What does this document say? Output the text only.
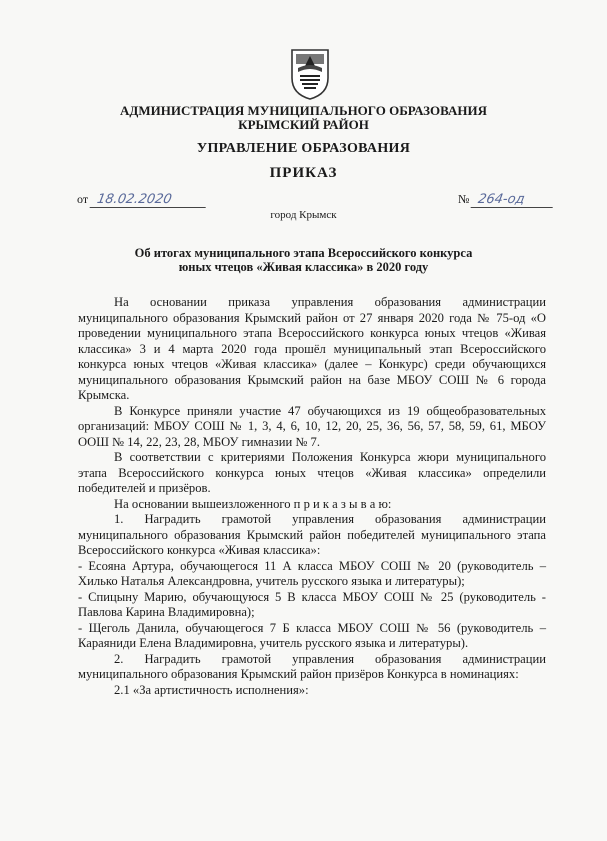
АДМИНИСТРАЦИЯ МУНИЦИПАЛЬНОГО ОБРАЗОВАНИЯ
КРЫМСКИЙ РАЙОН
УПРАВЛЕНИЕ ОБРАЗОВАНИЯ
ПРИКАЗ
от 18.02.2020	№ 264-од
город Крымск
Об итогах муниципального этапа Всероссийского конкурса
юных чтецов «Живая классика» в 2020 году

На основании приказа управления образования администрации муниципального образования Крымский район от 27 января 2020 года № 75-од «О проведении муниципального этапа Всероссийского конкурса юных чтецов «Живая классика» 3 и 4 марта 2020 года прошёл муниципальный этап Всероссийского конкурса юных чтецов «Живая классика» (далее – Конкурс) среди обучающихся муниципального образования Крымский район на базе МБОУ СОШ № 6 города Крымска.

В Конкурсе приняли участие 47 обучающихся из 19 общеобразовательных организаций: МБОУ СОШ № 1, 3, 4, 6, 10, 12, 20, 25, 36, 56, 57, 58, 59, 61, МБОУ ООШ № 14, 22, 23, 28, МБОУ гимназии № 7.

В соответствии с критериями Положения Конкурса жюри муниципального этапа Всероссийского конкурса юных чтецов «Живая классика» определили победителей и призёров.

На основании вышеизложенного п р и к а з ы в а ю:

1. Наградить грамотой управления образования администрации муниципального образования Крымский район победителей муниципального этапа Всероссийского конкурса «Живая классика»:

- Есояна Артура, обучающегося 11 А класса МБОУ СОШ № 20 (руководитель – Хилько Наталья Александровна, учитель русского языка и литературы);

- Спицыну Марию, обучающуюся 5 В класса МБОУ СОШ № 25 (руководитель - Павлова Карина Владимировна);

- Щеголь Данила, обучающегося 7 Б класса МБОУ СОШ № 56 (руководитель – Караяниди Елена Владимировна, учитель русского языка и литературы).

2. Наградить грамотой управления образования администрации муниципального образования Крымский район призёров Конкурса в номинациях:

2.1 «За артистичность исполнения»:
